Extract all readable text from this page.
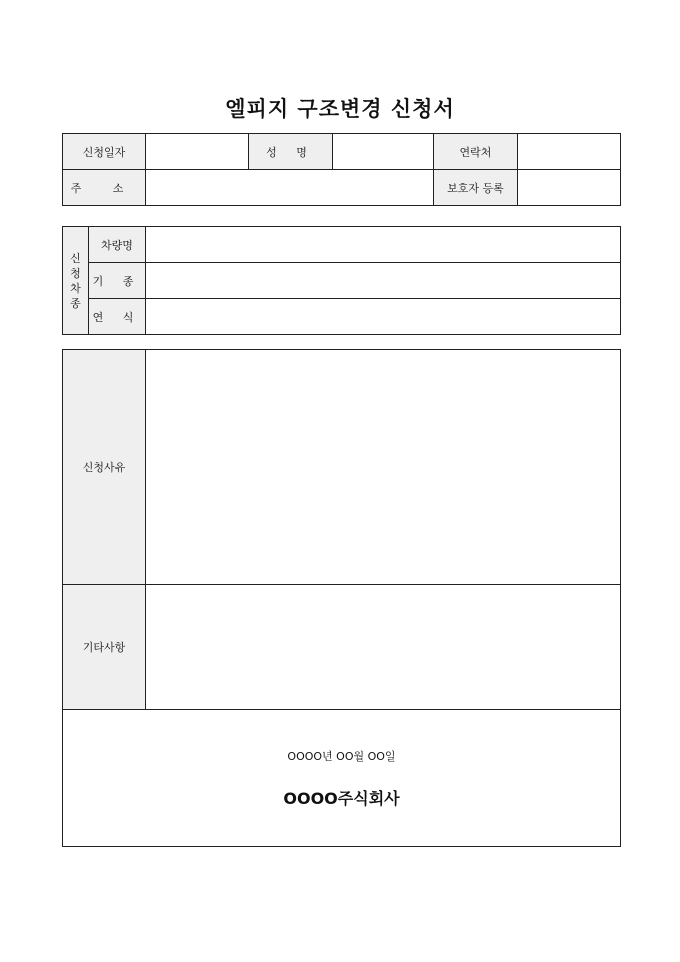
엘피지 구조변경 신청서
신청일자		성 명		연락처	
주 소				보호자 등록	
신
청
차
종	차량명	
	기 종	
	연 식	
신청사유	
기타사항	

OOOO년 OO월 OO일
OOOO주식회사	
